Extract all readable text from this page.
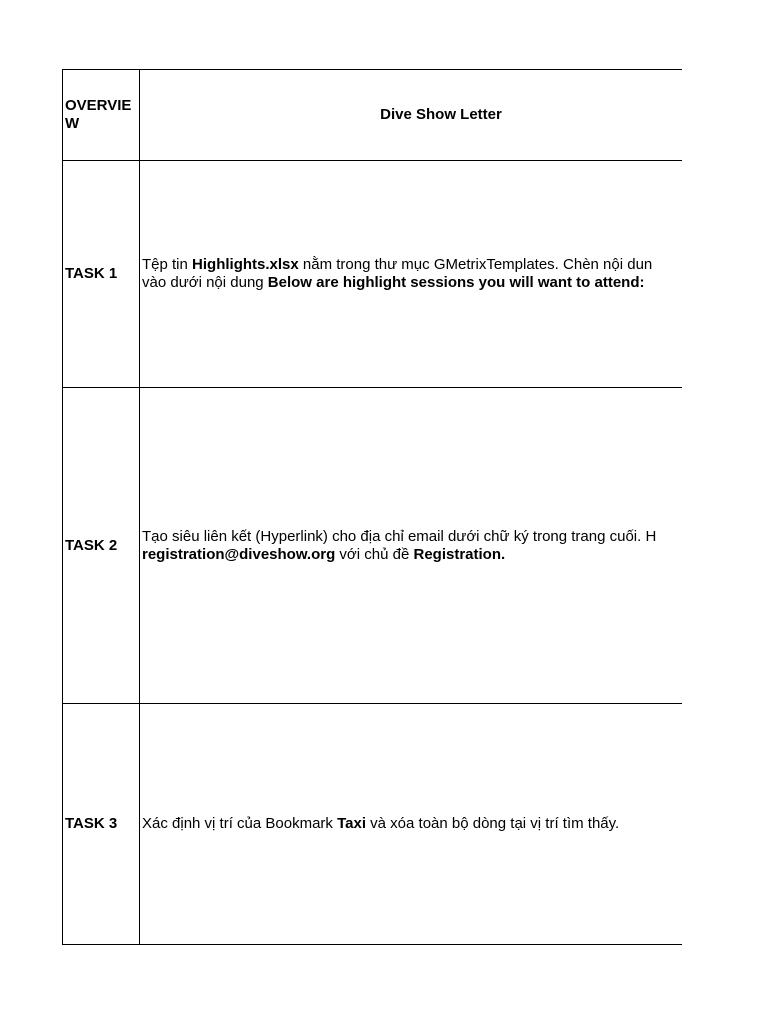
OVERVIEW	Dive Show Letter
TASK 1	Tệp tin Highlights.xlsx nằm trong thư mục GMetrixTemplates. Chèn nội dun
vào dưới nội dung Below are highlight sessions you will want to attend:

TASK 2	Tạo siêu liên kết (Hyperlink) cho địa chỉ email dưới chữ ký trong trang cuối. H
registration@diveshow.org với chủ đề Registration.

TASK 3	Xác định vị trí của Bookmark Taxi và xóa toàn bộ dòng tại vị trí tìm thấy.
